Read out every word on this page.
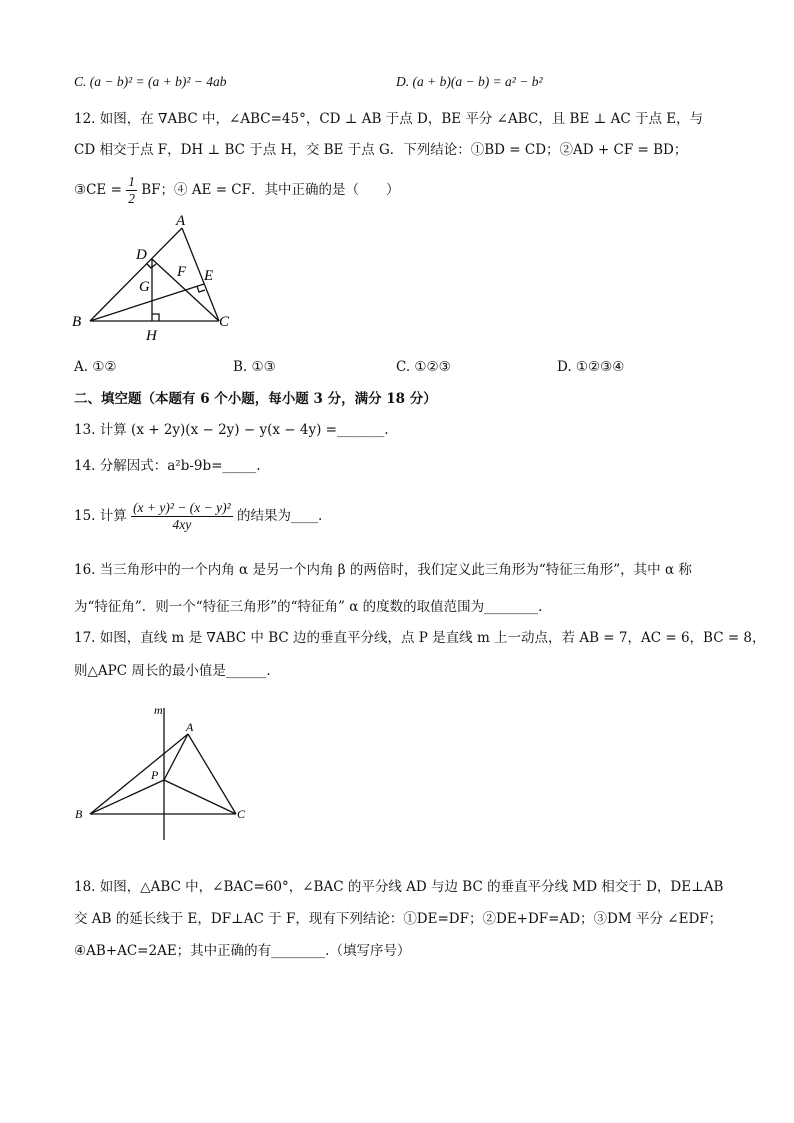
C. (a − b)² = (a + b)² − 4ab	D. (a + b)(a − b) = a² − b²
12. 如图，在 ∇ABC 中，∠ABC=45°，CD ⊥ AB 于点 D，BE 平分 ∠ABC，且 BE ⊥ AC 于点 E，与
CD 相交于点 F，DH ⊥ BC 于点 H，交 BE 于点 G．下列结论：①BD = CD；②AD + CF = BD；
③CE = $\frac{1}{2}$ BF；④ AE = CF．其中正确的是（　　）
A
D
F E
G
B	C
H
A. ①②	B. ①③	C. ①②③	D. ①②③④
二、填空题（本题有 6 个小题，每小题 3 分，满分 18 分）
13. 计算 (x + 2y)(x − 2y) − y(x − 4y) =_______.
14. 分解因式：a²b-9b=_____.
15. 计算 $\frac{\text{(x + y)² − (x − y)²}}{4xy}$ 的结果为____.
16. 当三角形中的一个内角 α 是另一个内角 β 的两倍时，我们定义此三角形为“特征三角形”，其中 α 称
为“特征角”．则一个“特征三角形”的“特征角” α 的度数的取值范围为________.
17. 如图，直线 m 是 ∇ABC 中 BC 边的垂直平分线，点 P 是直线 m 上一动点，若 AB = 7，AC = 6，BC = 8，
则△APC 周长的最小值是______.
m
A
P
B	C
18. 如图，△ABC 中，∠BAC=60°，∠BAC 的平分线 AD 与边 BC 的垂直平分线 MD 相交于 D，DE⊥AB
交 AB 的延长线于 E，DF⊥AC 于 F，现有下列结论：①DE=DF；②DE+DF=AD；③DM 平分 ∠EDF；
④AB+AC=2AE；其中正确的有________.（填写序号）
